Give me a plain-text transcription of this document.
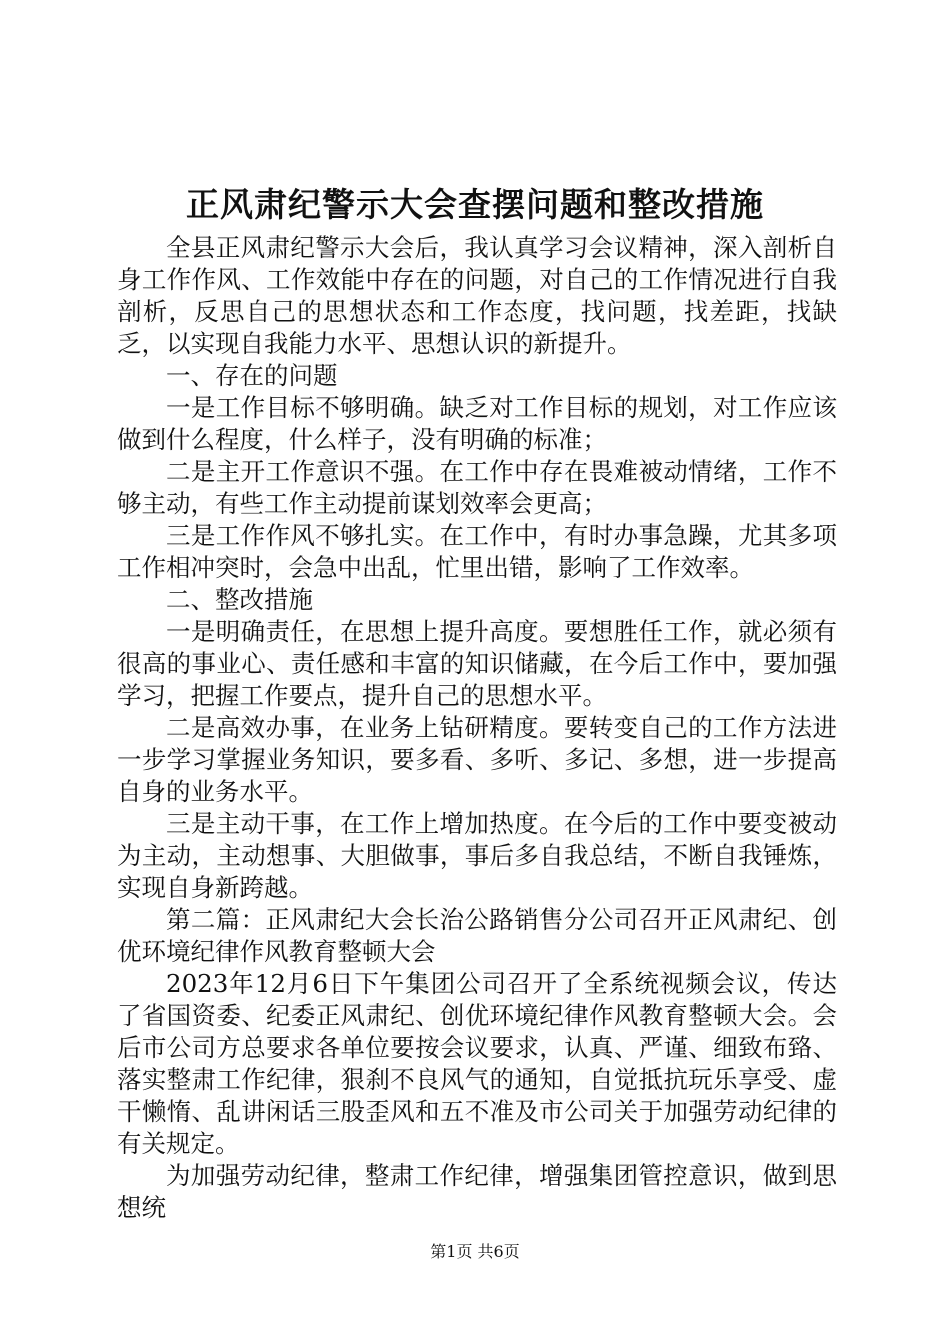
正风肃纪警示大会查摆问题和整改措施

全县正风肃纪警示大会后，我认真学习会议精神，深入剖析自身工作作风、工作效能中存在的问题，对自己的工作情况进行自我剖析，反思自己的思想状态和工作态度，找问题，找差距，找缺乏，以实现自我能力水平、思想认识的新提升。

一、存在的问题

一是工作目标不够明确。缺乏对工作目标的规划，对工作应该做到什么程度，什么样子，没有明确的标准；

二是主开工作意识不强。在工作中存在畏难被动情绪，工作不够主动，有些工作主动提前谋划效率会更高；

三是工作作风不够扎实。在工作中，有时办事急躁，尤其多项工作相冲突时，会急中出乱，忙里出错，影响了工作效率。

二、整改措施

一是明确责任，在思想上提升高度。要想胜任工作，就必须有很高的事业心、责任感和丰富的知识储藏，在今后工作中，要加强学习，把握工作要点，提升自己的思想水平。

二是高效办事，在业务上钻研精度。要转变自己的工作方法进一步学习掌握业务知识，要多看、多听、多记、多想，进一步提高自身的业务水平。

三是主动干事，在工作上增加热度。在今后的工作中要变被动为主动，主动想事、大胆做事，事后多自我总结，不断自我锤炼，实现自身新跨越。

第二篇：正风肃纪大会长治公路销售分公司召开正风肃纪、创优环境纪律作风教育整顿大会

2023年12月6日下午集团公司召开了全系统视频会议，传达了省国资委、纪委正风肃纪、创优环境纪律作风教育整顿大会。会后市公司方总要求各单位要按会议要求，认真、严谨、细致布臵、落实整肃工作纪律，狠刹不良风气的通知，自觉抵抗玩乐享受、虚干懒惰、乱讲闲话三股歪风和五不准及市公司关于加强劳动纪律的有关规定。

为加强劳动纪律，整肃工作纪律，增强集团管控意识，做到思想统

第1页 共6页
